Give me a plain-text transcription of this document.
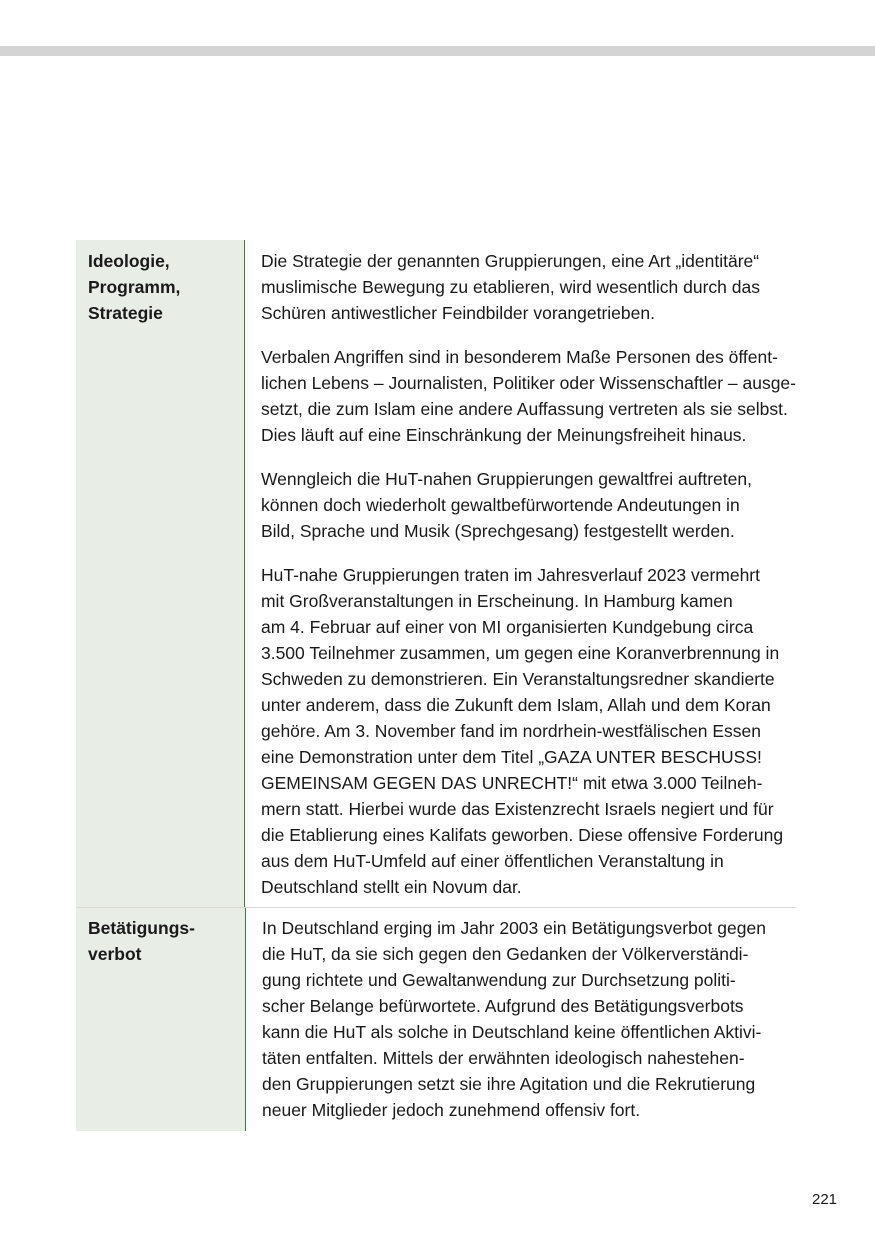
Ideologie,
Programm,
Strategie

Die Strategie der genannten Gruppierungen, eine Art „identitäre“
muslimische Bewegung zu etablieren, wird wesentlich durch das
Schüren antiwestlicher Feindbilder vorangetrieben.

Verbalen Angriffen sind in besonderem Maße Personen des öffent-
lichen Lebens – Journalisten, Politiker oder Wissenschaftler – ausge-
setzt, die zum Islam eine andere Auffassung vertreten als sie selbst.
Dies läuft auf eine Einschränkung der Meinungsfreiheit hinaus.

Wenngleich die HuT-nahen Gruppierungen gewaltfrei auftreten,
können doch wiederholt gewaltbefürwortende Andeutungen in
Bild, Sprache und Musik (Sprechgesang) festgestellt werden.

HuT-nahe Gruppierungen traten im Jahresverlauf 2023 vermehrt
mit Großveranstaltungen in Erscheinung. In Hamburg kamen
am 4. Februar auf einer von MI organisierten Kundgebung circa
3.500 Teilnehmer zusammen, um gegen eine Koranverbrennung in
Schweden zu demonstrieren. Ein Veranstaltungsredner skandierte
unter anderem, dass die Zukunft dem Islam, Allah und dem Koran
gehöre. Am 3. November fand im nordrhein-westfälischen Essen
eine Demonstration unter dem Titel „GAZA UNTER BESCHUSS!
GEMEINSAM GEGEN DAS UNRECHT!“ mit etwa 3.000 Teilneh-
mern statt. Hierbei wurde das Existenzrecht Israels negiert und für
die Etablierung eines Kalifats geworben. Diese offensive Forderung
aus dem HuT-Umfeld auf einer öffentlichen Veranstaltung in
Deutschland stellt ein Novum dar.

Betätigungs-
verbot

In Deutschland erging im Jahr 2003 ein Betätigungsverbot gegen
die HuT, da sie sich gegen den Gedanken der Völkerverständi-
gung richtete und Gewaltanwendung zur Durchsetzung politi-
scher Belange befürwortete. Aufgrund des Betätigungsverbots
kann die HuT als solche in Deutschland keine öffentlichen Aktivi-
täten entfalten. Mittels der erwähnten ideologisch nahestehen-
den Gruppierungen setzt sie ihre Agitation und die Rekrutierung
neuer Mitglieder jedoch zunehmend offensiv fort.

221
